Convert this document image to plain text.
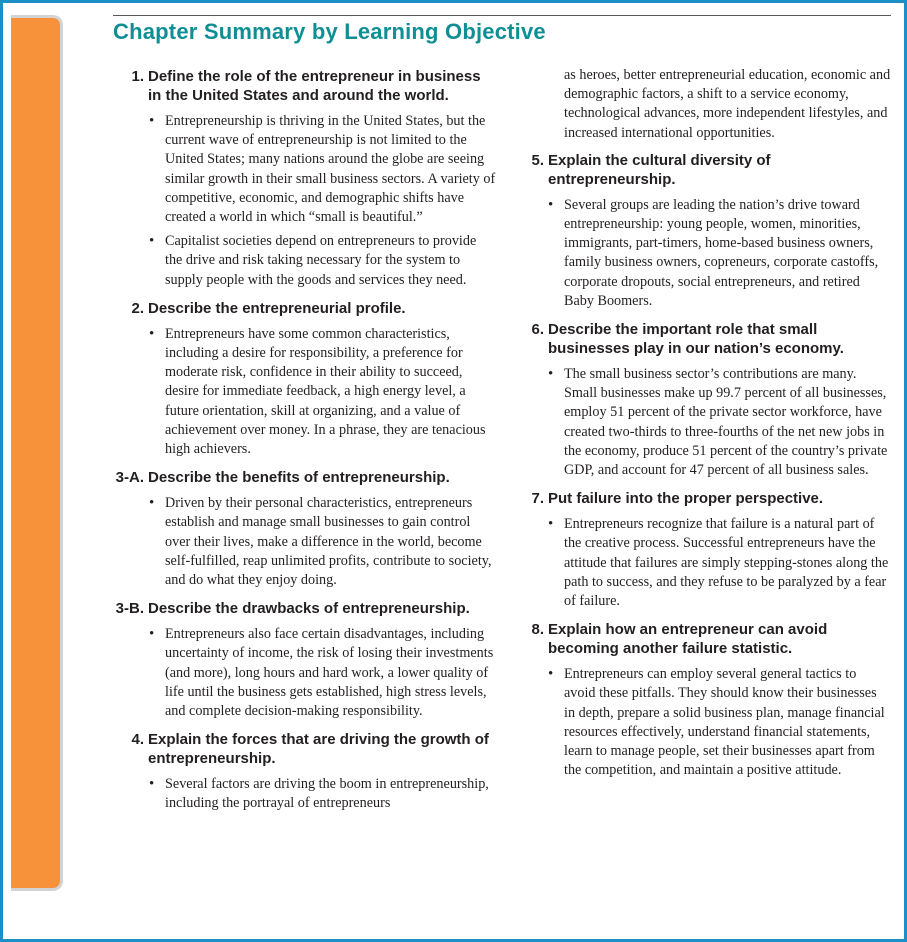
Chapter Summary by Learning Objective
1. Define the role of the entrepreneur in business in the United States and around the world.
• Entrepreneurship is thriving in the United States, but the current wave of entrepreneurship is not limited to the United States; many nations around the globe are seeing similar growth in their small business sectors. A variety of competitive, economic, and demographic shifts have created a world in which “small is beautiful.”
• Capitalist societies depend on entrepreneurs to provide the drive and risk taking necessary for the system to supply people with the goods and services they need.
2. Describe the entrepreneurial profile.
• Entrepreneurs have some common characteristics, including a desire for responsibility, a preference for moderate risk, confidence in their ability to succeed, desire for immediate feedback, a high energy level, a future orientation, skill at organizing, and a value of achievement over money. In a phrase, they are tenacious high achievers.
3-A. Describe the benefits of entrepreneurship.
• Driven by their personal characteristics, entrepreneurs establish and manage small businesses to gain control over their lives, make a difference in the world, become self-fulfilled, reap unlimited profits, contribute to society, and do what they enjoy doing.
3-B. Describe the drawbacks of entrepreneurship.
• Entrepreneurs also face certain disadvantages, including uncertainty of income, the risk of losing their investments (and more), long hours and hard work, a lower quality of life until the business gets established, high stress levels, and complete decision-making responsibility.
4. Explain the forces that are driving the growth of entrepreneurship.
• Several factors are driving the boom in entrepreneurship, including the portrayal of entrepreneurs

as heroes, better entrepreneurial education, economic and demographic factors, a shift to a service economy, technological advances, more independent lifestyles, and increased international opportunities.

5. Explain the cultural diversity of entrepreneurship.
• Several groups are leading the nation’s drive toward entrepreneurship: young people, women, minorities, immigrants, part-timers, home-based business owners, family business owners, copreneurs, corporate castoffs, corporate dropouts, social entrepreneurs, and retired Baby Boomers.
6. Describe the important role that small businesses play in our nation’s economy.
• The small business sector’s contributions are many. Small businesses make up 99.7 percent of all businesses, employ 51 percent of the private sector workforce, have created two-thirds to three-fourths of the net new jobs in the economy, produce 51 percent of the country’s private GDP, and account for 47 percent of all business sales.
7. Put failure into the proper perspective.
• Entrepreneurs recognize that failure is a natural part of the creative process. Successful entrepreneurs have the attitude that failures are simply stepping-stones along the path to success, and they refuse to be paralyzed by a fear of failure.
8. Explain how an entrepreneur can avoid becoming another failure statistic.
• Entrepreneurs can employ several general tactics to avoid these pitfalls. They should know their businesses in depth, prepare a solid business plan, manage financial resources effectively, understand financial statements, learn to manage people, set their businesses apart from the competition, and maintain a positive attitude.
